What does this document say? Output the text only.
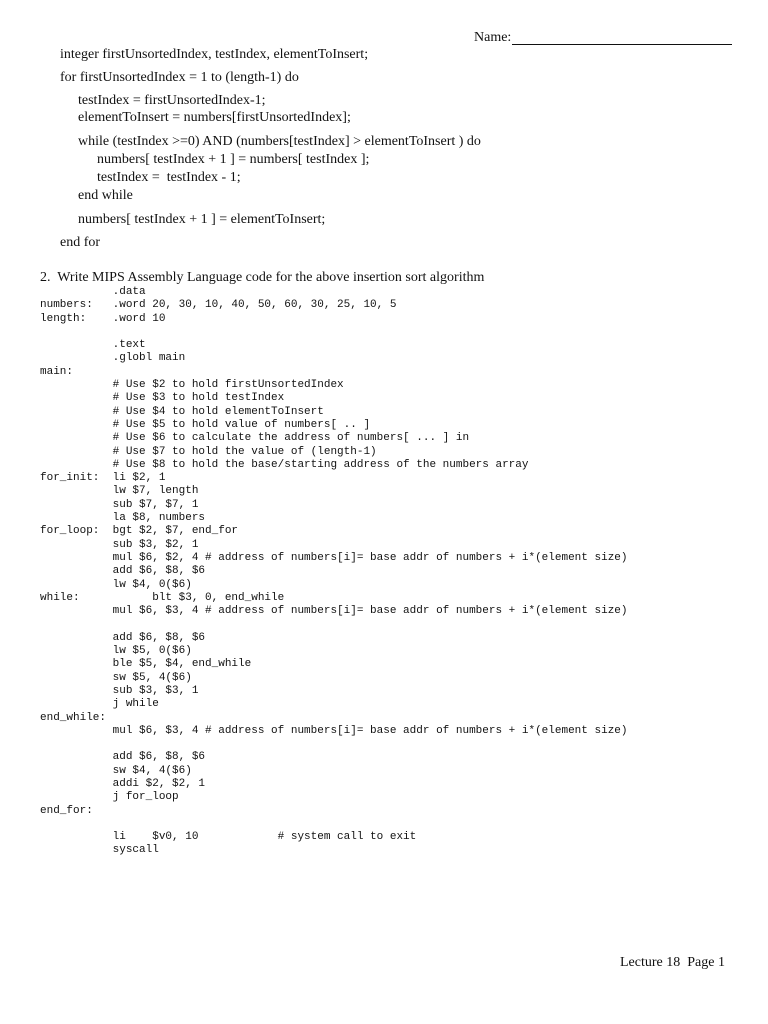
Name:
integer firstUnsortedIndex, testIndex, elementToInsert;
for firstUnsortedIndex = 1 to (length-1) do
testIndex = firstUnsortedIndex-1;
elementToInsert = numbers[firstUnsortedIndex];
while (testIndex >=0) AND (numbers[testIndex] > elementToInsert ) do
numbers[ testIndex + 1 ] = numbers[ testIndex ];
testIndex =  testIndex - 1;
end while
numbers[ testIndex + 1 ] = elementToInsert;
end for
2.  Write MIPS Assembly Language code for the above insertion sort algorithm
.data
numbers:   .word 20, 30, 10, 40, 50, 60, 30, 25, 10, 5
length:    .word 10
.text
.globl main
main:
# Use $2 to hold firstUnsortedIndex
# Use $3 to hold testIndex
# Use $4 to hold elementToInsert
# Use $5 to hold value of numbers[ .. ]
# Use $6 to calculate the address of numbers[ ... ] in
# Use $7 to hold the value of (length-1)
# Use $8 to hold the base/starting address of the numbers array
for_init:  li $2, 1
lw $7, length
sub $7, $7, 1
la $8, numbers
for_loop:  bgt $2, $7, end_for
sub $3, $2, 1
mul $6, $2, 4 # address of numbers[i]= base addr of numbers + i*(element size)
add $6, $8, $6
lw $4, 0($6)
while:           blt $3, 0, end_while
mul $6, $3, 4 # address of numbers[i]= base addr of numbers + i*(element size)
add $6, $8, $6
lw $5, 0($6)
ble $5, $4, end_while
sw $5, 4($6)
sub $3, $3, 1
j while
end_while:
mul $6, $3, 4 # address of numbers[i]= base addr of numbers + i*(element size)
add $6, $8, $6
sw $4, 4($6)
addi $2, $2, 1
j for_loop
end_for:
li    $v0, 10            # system call to exit
syscall
Lecture 18  Page 1
